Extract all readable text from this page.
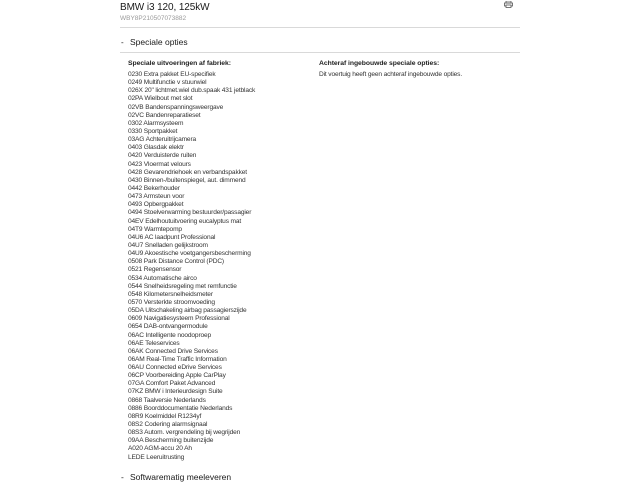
BMW i3 120, 125kW
WBY8P210507073882
- Speciale opties
Speciale uitvoeringen af fabriek:
0230 Extra pakket EU-specifiek
0249 Multifunctie v stuurwiel
026X 20" lichtmet.wiel dub.spaak 431 jetblack
02PA Wielbout met slot
02VB Bandenspanningsweergave
02VC Bandenreparatieset
0302 Alarmsysteem
0330 Sportpakket
03AG Achteruitrijcamera
0403 Glasdak elektr
0420 Verduisterde ruiten
0423 Vloermat velours
0428 Gevarendriehoek en verbandspakket
0430 Binnen-/buitenspiegel, aut. dimmend
0442 Bekerhouder
0473 Armsteun voor
0493 Opbergpakket
0494 Stoelverwarming bestuurder/passagier
04EV Edelhoutuitvoering eucalyptus mat
04T9 Warmtepomp
04U6 AC laadpunt Professional
04U7 Snelladen gelijkstroom
04U9 Akoestische voetgangersbescherming
0508 Park Distance Control (PDC)
0521 Regensensor
0534 Automatische airco
0544 Snelheidsregeling met remfunctie
0548 Kilometersnelheidsmeter
0570 Versterkte stroomvoeding
05DA Uitschakeling airbag passagierszijde
0609 Navigatiesysteem Professional
0654 DAB-ontvangermodule
06AC Intelligente noodoproep
06AE Teleservices
06AK Connected Drive Services
06AM Real-Time Traffic Information
06AU Connected eDrive Services
06CP Voorbereiding Apple CarPlay
07GA Comfort Paket Advanced
07KZ BMW i Interieurdesign Suite
0868 Taalversie Nederlands
0886 Boorddocumentatie Nederlands
08R9 Koelmiddel R1234yf
08S2 Codering alarmsignaal
08S3 Autom. vergrendeling bij wegrijden
09AA Bescherming buitenzijde
A020 AGM-accu 20 Ah
LEDE Leeruitrusting
Achteraf ingebouwde speciale opties:
Dit voertuig heeft geen achteraf ingebouwde opties.
- Softwarematig meeleveren
